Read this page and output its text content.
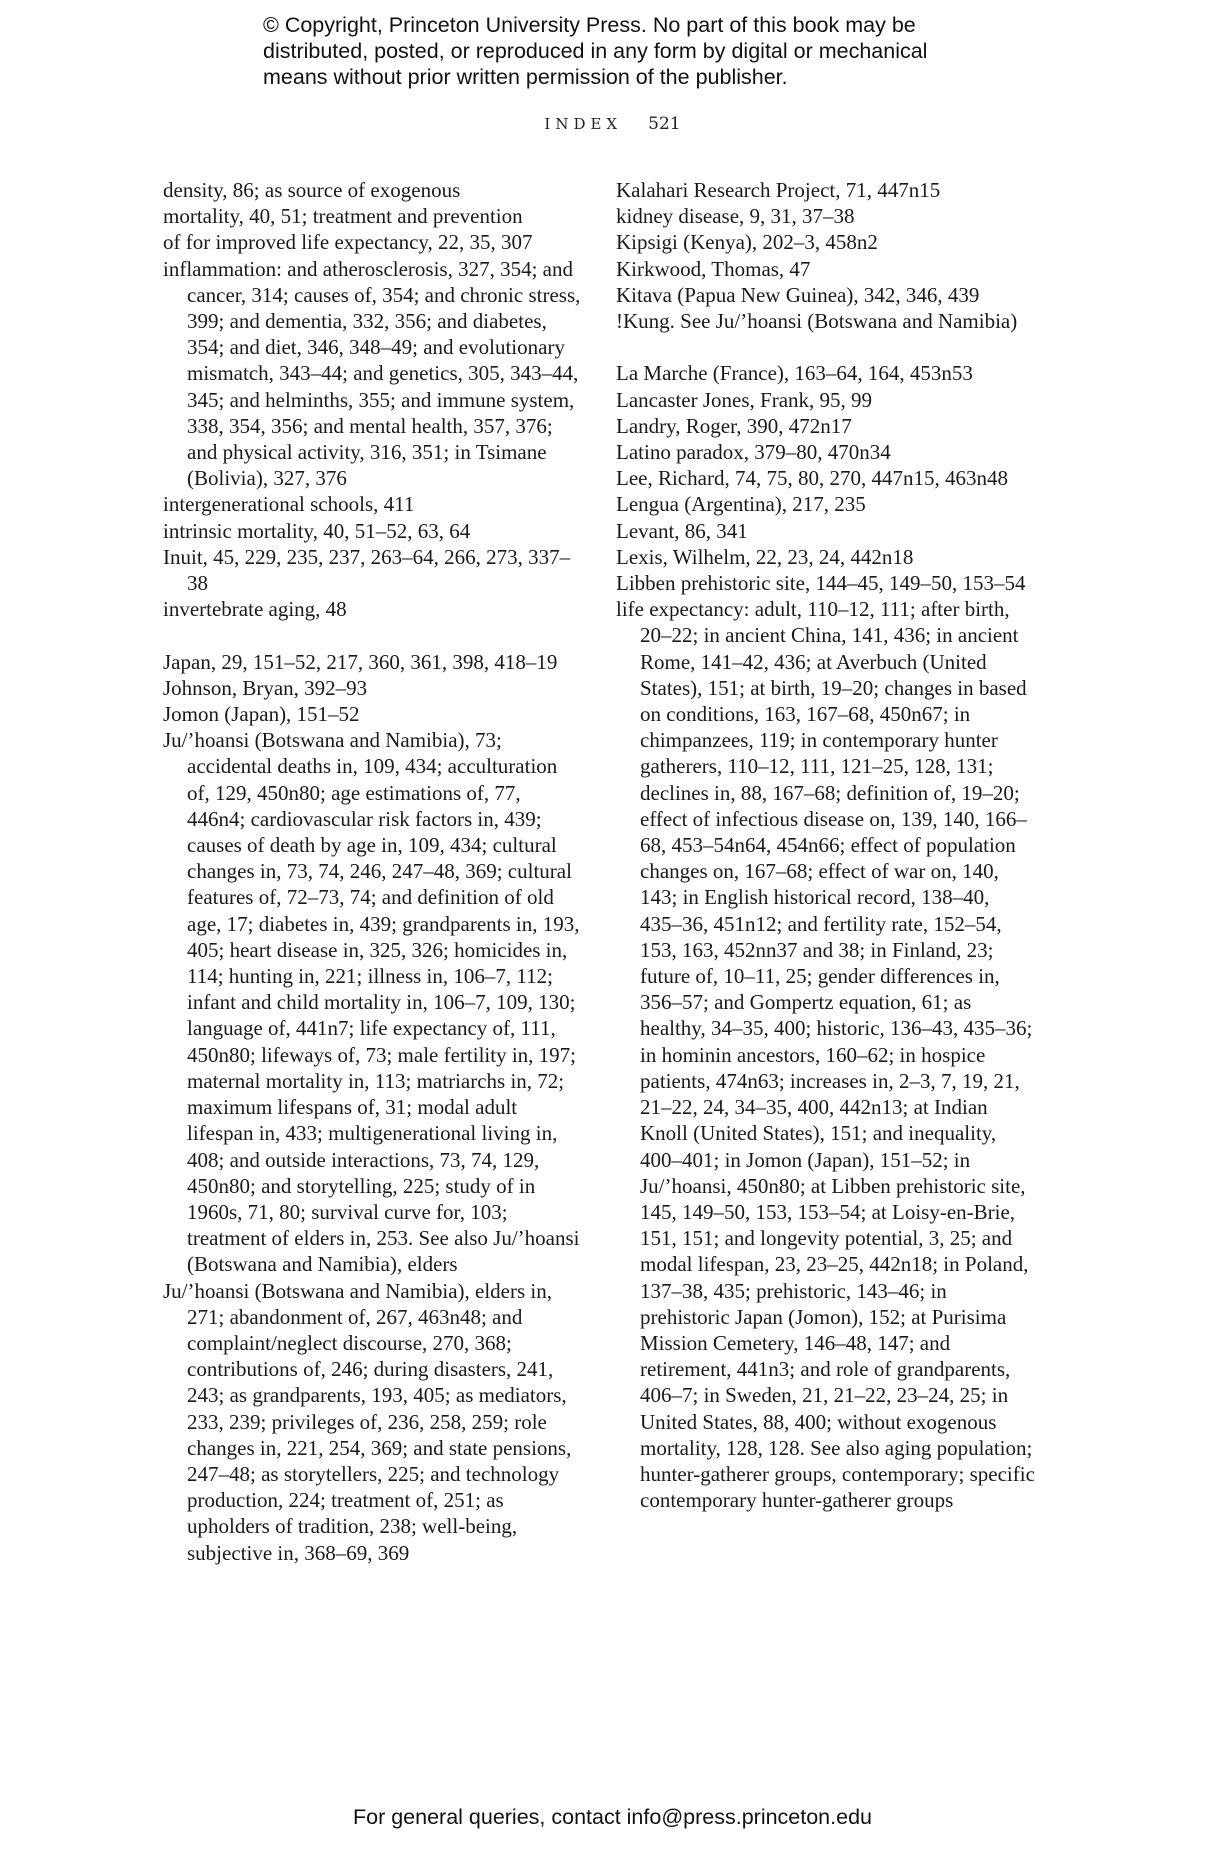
© Copyright, Princeton University Press. No part of this book may be
distributed, posted, or reproduced in any form by digital or mechanical
means without prior written permission of the publisher.
INDEX 521
density, 86; as source of exogenous
mortality, 40, 51; treatment and prevention
of for improved life expectancy, 22, 35, 307
inflammation: and atherosclerosis, 327, 354; and cancer, 314; causes of, 354; and chronic stress, 399; and dementia, 332, 356; and diabetes, 354; and diet, 346, 348–49; and evolutionary mismatch, 343–44; and genetics, 305, 343–44, 345; and helminths, 355; and immune system, 338, 354, 356; and mental health, 357, 376; and physical activity, 316, 351; in Tsimane (Bolivia), 327, 376
intergenerational schools, 411
intrinsic mortality, 40, 51–52, 63, 64
Inuit, 45, 229, 235, 237, 263–64, 266, 273, 337–38
invertebrate aging, 48
Japan, 29, 151–52, 217, 360, 361, 398, 418–19
Johnson, Bryan, 392–93
Jomon (Japan), 151–52
Ju/’hoansi (Botswana and Namibia), 73; accidental deaths in, 109, 434; acculturation of, 129, 450n80; age estimations of, 77, 446n4; cardiovascular risk factors in, 439; causes of death by age in, 109, 434; cultural changes in, 73, 74, 246, 247–48, 369; cultural features of, 72–73, 74; and definition of old age, 17; diabetes in, 439; grandparents in, 193, 405; heart disease in, 325, 326; homicides in, 114; hunting in, 221; illness in, 106–7, 112; infant and child mortality in, 106–7, 109, 130; language of, 441n7; life expectancy of, 111, 450n80; lifeways of, 73; male fertility in, 197; maternal mortality in, 113; matriarchs in, 72; maximum lifespans of, 31; modal adult lifespan in, 433; multigenerational living in, 408; and outside interactions, 73, 74, 129, 450n80; and storytelling, 225; study of in 1960s, 71, 80; survival curve for, 103; treatment of elders in, 253. See also Ju/’hoansi (Botswana and Namibia), elders
Ju/’hoansi (Botswana and Namibia), elders in, 271; abandonment of, 267, 463n48; and complaint/neglect discourse, 270, 368; contributions of, 246; during disasters, 241, 243; as grandparents, 193, 405; as mediators, 233, 239; privileges of, 236, 258, 259; role changes in, 221, 254, 369; and state pensions, 247–48; as storytellers, 225; and technology production, 224; treatment of, 251; as upholders of tradition, 238; well-being, subjective in, 368–69, 369
Kalahari Research Project, 71, 447n15
kidney disease, 9, 31, 37–38
Kipsigi (Kenya), 202–3, 458n2
Kirkwood, Thomas, 47
Kitava (Papua New Guinea), 342, 346, 439
!Kung. See Ju/’hoansi (Botswana and Namibia)
La Marche (France), 163–64, 164, 453n53
Lancaster Jones, Frank, 95, 99
Landry, Roger, 390, 472n17
Latino paradox, 379–80, 470n34
Lee, Richard, 74, 75, 80, 270, 447n15, 463n48
Lengua (Argentina), 217, 235
Levant, 86, 341
Lexis, Wilhelm, 22, 23, 24, 442n18
Libben prehistoric site, 144–45, 149–50, 153–54
life expectancy: adult, 110–12, 111; after birth, 20–22; in ancient China, 141, 436; in ancient Rome, 141–42, 436; at Averbuch (United States), 151; at birth, 19–20; changes in based on conditions, 163, 167–68, 450n67; in chimpanzees, 119; in contemporary hunter gatherers, 110–12, 111, 121–25, 128, 131; declines in, 88, 167–68; definition of, 19–20; effect of infectious disease on, 139, 140, 166–68, 453–54n64, 454n66; effect of population changes on, 167–68; effect of war on, 140, 143; in English historical record, 138–40, 435–36, 451n12; and fertility rate, 152–54, 153, 163, 452nn37 and 38; in Finland, 23; future of, 10–11, 25; gender differences in, 356–57; and Gompertz equation, 61; as healthy, 34–35, 400; historic, 136–43, 435–36; in hominin ancestors, 160–62; in hospice patients, 474n63; increases in, 2–3, 7, 19, 21, 21–22, 24, 34–35, 400, 442n13; at Indian Knoll (United States), 151; and inequality, 400–401; in Jomon (Japan), 151–52; in Ju/’hoansi, 450n80; at Libben prehistoric site, 145, 149–50, 153, 153–54; at Loisy-en-Brie, 151, 151; and longevity potential, 3, 25; and modal lifespan, 23, 23–25, 442n18; in Poland, 137–38, 435; prehistoric, 143–46; in prehistoric Japan (Jomon), 152; at Purisima Mission Cemetery, 146–48, 147; and retirement, 441n3; and role of grandparents, 406–7; in Sweden, 21, 21–22, 23–24, 25; in United States, 88, 400; without exogenous mortality, 128, 128. See also aging population; hunter-gatherer groups, contemporary; specific contemporary hunter-gatherer groups
For general queries, contact info@press.princeton.edu
